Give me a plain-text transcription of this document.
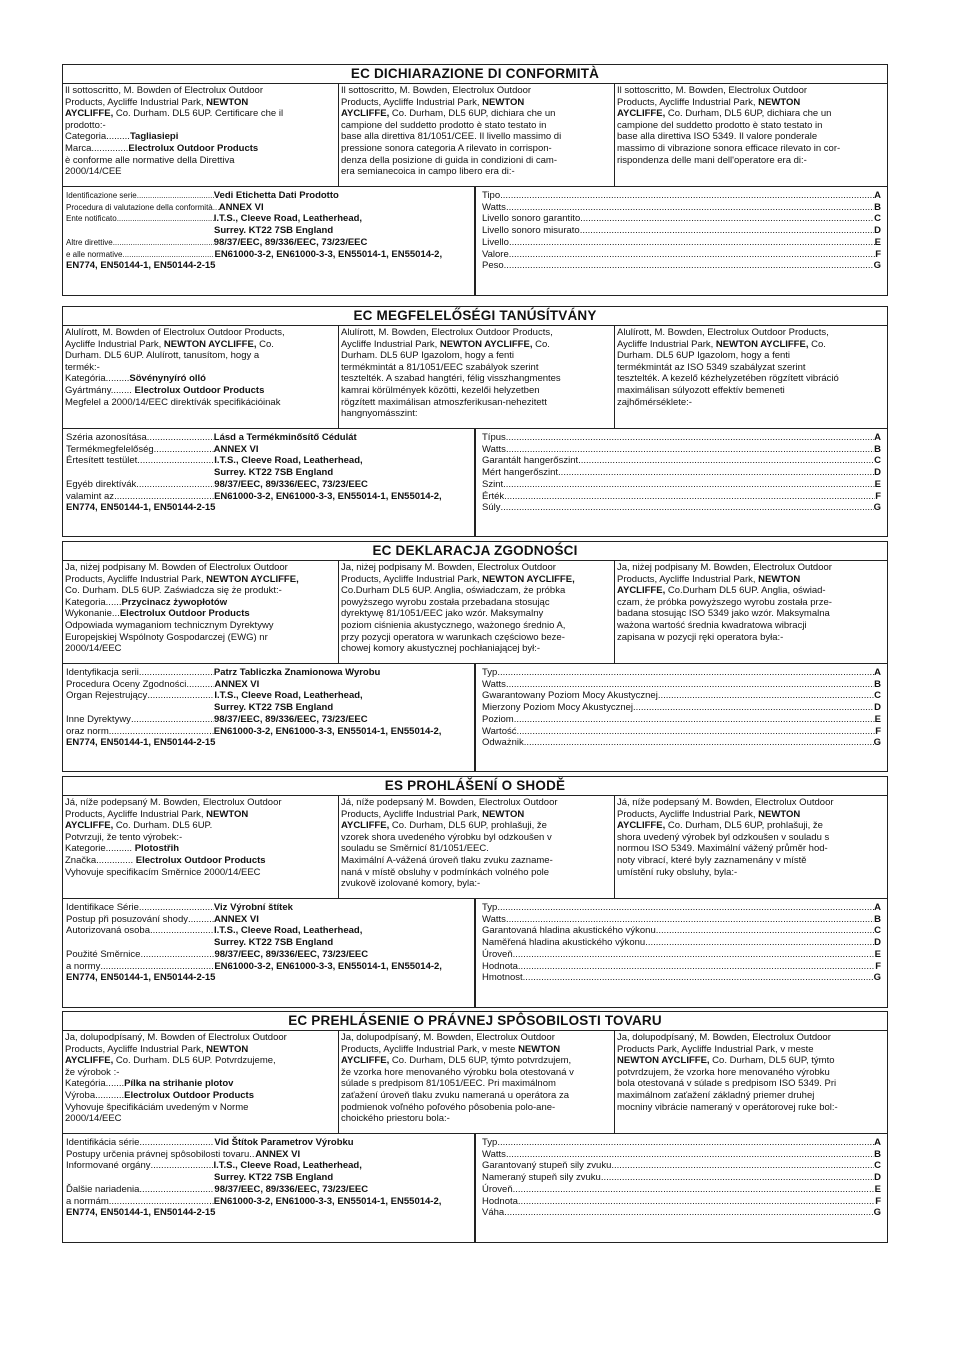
EC DICHIARAZIONE DI CONFORMITÀ

Il sottoscritto, M. Bowden of Electrolux Outdoor

Products, Aycliffe Industrial Park, NEWTON

AYCLIFFE, Co. Durham. DL5 6UP. Certificare che il

prodotto:-

Categoria.........Tagliasiepi

Marca..............Electrolux Outdoor Products

è conforme alle normative della Direttiva

2000/14/CEE

Il sottoscritto, M. Bowden, Electrolux Outdoor

Products, Aycliffe Industrial Park, NEWTON

AYCLIFFE, Co. Durham, DL5 6UP, dichiara che un

campione del suddetto prodotto è stato testato in

base alla direttiva 81/1051/CEE. Il livello massimo di

pressione sonora categoria A rilevato in corrispon-

denza della posizione di guida in condizioni di cam-

era semianecoica in campo libero era di:-

Il sottoscritto, M. Bowden, Electrolux Outdoor

Products, Aycliffe Industrial Park, NEWTON

AYCLIFFE, Co. Durham, DL5 6UP, dichiara che un

campione del suddetto prodotto è stato testato in

base alla direttiva ISO 5349. Il valore ponderale

massimo di vibrazione sonora efficace rilevato in cor-

rispondenza delle mani dell'operatore era di:-

Identificazione serie .....	Vedi Etichetta Dati Prodotto
Procedura di valutazione della conformità ..... ANNEX VI
Ente notificato .....	I.T.S., Cleeve Road, Leatherhead,
Surrey. KT22 7SB England
Altre direttive .....	98/37/EEC, 89/336/EEC, 73/23/EEC
e alle normative .....	EN61000-3-2, EN61000-3-3, EN55014-1, EN55014-2,
EN774, EN50144-1, EN50144-2-15
Tipo .....	A
Watts .....	B
Livello sonoro garantito .....	C
Livello sonoro misurato .....	D
Livello .....	E
Valore .....	F
Peso .....	G
EC MEGFELELŐSÉGI TANÚSÍTVÁNY

Alulírott, M. Bowden of Electrolux Outdoor Products,

Aycliffe Industrial Park, NEWTON AYCLIFFE, Co.

Durham. DL5 6UP. Alulírott, tanusítom, hogy a

termék:-

Kategória.........Sövénynyíró olló

Gyártmány........ Electrolux Outdoor Products

Megfelel a 2000/14/EEC direktívák specifikációinak

Alulírott, M. Bowden, Electrolux Outdoor Products,

Aycliffe Industrial Park, NEWTON AYCLIFFE, Co.

Durham. DL5 6UP Igazolom, hogy a fenti

termékmintát a 81/1051/EEC szabályok szerint

tesztelték. A szabad hangtéri, félig visszhangmentes

kamrai körülmények közötti, kezelői helyzetben

rögzített maximálisan atmoszferikusan-nehezitett

hangnyomásszint:

Alulírott, M. Bowden, Electrolux Outdoor Products,

Aycliffe Industrial Park, NEWTON AYCLIFFE, Co.

Durham. DL5 6UP Igazolom, hogy a fenti

termékmintát az ISO 5349 szabályzat szerint

tesztelték. A kezelő kézhelyzetében rögzített vibráció

maximálisan súlyozott effektív bemeneti

zajhőmérséklete:-

Széria azonosítása .....	Lásd a Termékminősítő Cédulát
Termékmegfelelőség .....	ANNEX VI
Értesített testület .....	I.T.S., Cleeve Road, Leatherhead,
Surrey. KT22 7SB England
Egyéb direktívák .....	98/37/EEC, 89/336/EEC, 73/23/EEC
valamint az .....	EN61000-3-2, EN61000-3-3, EN55014-1, EN55014-2,
EN774, EN50144-1, EN50144-2-15
Típus .....	A
Watts .....	B
Garantált hangerőszint .....	C
Mért hangerőszint .....	D
Szint .....	E
Érték .....	F
Súly .....	G
EC DEKLARACJA ZGODNOŚCI

Ja, niżej podpisany M. Bowden of Electrolux Outdoor

Products, Aycliffe Industrial Park, NEWTON AYCLIFFE,

Co. Durham. DL5 6UP. Zaświadcza się że produkt:-

Kategoria......Przycinacz żywopłotów

Wykonanie...Electrolux Outdoor Products

Odpowiada wymaganiom technicznym Dyrektywy

Europejskiej Wspólnoty Gospodarczej (EWG) nr

2000/14/EEC

Ja, niżej podpisany M. Bowden, Electrolux Outdoor

Products, Aycliffe Industrial Park, NEWTON AYCLIFFE,

Co.Durham DL5 6UP. Anglia, oświadczam, że próbka

powyższego wyrobu została przebadana stosując

dyrektywę 81/1051/EEC jako wzór. Maksymalny

poziom ciśnienia akustycznego, ważonego średnio A,

przy pozycji operatora w warunkach częściowo beze-

chowej komory akustycznej pochłaniającej był:-

Ja, niżej podpisany M. Bowden, Electrolux Outdoor

Products, Aycliffe Industrial Park, NEWTON

AYCLIFFE, Co.Durham DL5 6UP. Anglia, oświad-

czam, że próbka powyższego wyrobu została prze-

badana stosując ISO 5349 jako wzór. Maksymalna

ważona wartość średnia kwadratowa wibracji

zapisana w pozycji ręki operatora była:-

Identyfikacja serii .....	Patrz Tabliczka Znamionowa Wyrobu
Procedura Oceny Zgodności .....	ANNEX VI
Organ Rejestrujący .....	I.T.S., Cleeve Road, Leatherhead,
Surrey. KT22 7SB England
Inne Dyrektywy .....	98/37/EEC, 89/336/EEC, 73/23/EEC
oraz norm .....	EN61000-3-2, EN61000-3-3, EN55014-1, EN55014-2,
EN774, EN50144-1, EN50144-2-15
Typ .....	A
Watts .....	B
Gwarantowany Poziom Mocy Akustycznej .....	C
Mierzony Poziom Mocy Akustycznej .....	D
Poziom .....	E
Wartość .....	F
Odważnik .....	G
ES PROHLÁŠENÍ O SHODĚ

Já, níže podepsaný M. Bowden, Electrolux Outdoor

Products, Aycliffe Industrial Park, NEWTON

AYCLIFFE, Co. Durham. DL5 6UP.

Potvrzuji, že tento výrobek:-

Kategorie.......... Plotostřih

Značka.............. Electrolux Outdoor Products

Vyhovuje specifikacím Směrnice 2000/14/EEC

Já, níže podepsaný M. Bowden, Electrolux Outdoor

Products, Aycliffe Industrial Park, NEWTON

AYCLIFFE, Co. Durham, DL5 6UP, prohlašuji, že

vzorek shora uvedeného výrobku byl odzkoušen v

souladu se Směrnicí 81/1051/EEC.

Maximální A-vážená úroveň tlaku zvuku zazname-

naná v místě obsluhy v podmínkách volného pole

zvukově izolované komory, byla:-

Já, níže podepsaný M. Bowden, Electrolux Outdoor

Products, Aycliffe Industrial Park, NEWTON

AYCLIFFE, Co. Durham, DL5 6UP, prohlašuji, že

shora uvedený výrobek byl odzkoušen v souladu s

normou ISO 5349. Maximální vážený průměr hod-

noty vibrací, které byly zaznamenány v místě

umístění ruky obsluhy, byla:-

Identifikace Série .....	Viz Výrobní štítek
Postup při posuzování shody .....	ANNEX VI
Autorizovaná osoba .....	I.T.S., Cleeve Road, Leatherhead,
Surrey. KT22 7SB England
Použité Směrnice .....	98/37/EEC, 89/336/EEC, 73/23/EEC
a normy .....	EN61000-3-2, EN61000-3-3, EN55014-1, EN55014-2,
EN774, EN50144-1, EN50144-2-15
Typ .....	A
Watts .....	B
Garantovaná hladina akustického výkonu .....	C
Naměřená hladina akustického výkonu .....	D
Úroveň .....	E
Hodnota .....	F
Hmotnost .....	G
EC PREHLÁSENIE O PRÁVNEJ SPÔSOBILOSTI TOVARU

Ja, dolupodpísaný, M. Bowden of Electrolux Outdoor

Products, Aycliffe Industrial Park, NEWTON

AYCLIFFE, Co. Durham. DL5 6UP. Potvrdzujeme,

že výrobok :-

Kategória.......Pílka na strihanie plotov

Výroba...........Electrolux Outdoor Products

Vyhovuje špecifikáciám uvedeným v Norme

2000/14/EEC

Ja, dolupodpísaný, M. Bowden, Electrolux Outdoor

Products, Aycliffe Industrial Park, v meste NEWTON

AYCLIFFE, Co. Durham, DL5 6UP, týmto potvrdzujem,

že vzorka hore menovaného výrobku bola otestovaná v

súlade s predpisom 81/1051/EEC. Pri maximálnom

zaťažení úroveň tlaku zvuku nameraná u operátora za

podmienok voľného poľového pôsobenia polo-ane-

choického priestoru bola:-

Ja, dolupodpísaný, M. Bowden, Electrolux Outdoor

Products Park, Aycliffe Industrial Park, v meste

NEWTON AYCLIFFE, Co. Durham, DL5 6UP, týmto

potvrdzujem, že vzorka hore menovaného výrobku

bola otestovaná v súlade s predpisom ISO 5349. Pri

maximálnom zaťažení základný priemer druhej

mocniny vibrácie nameraný v operátorovej ruke bol:-

Identifikácia série .....	Vid Štítok Parametrov Výrobku
Postupy určenia právnej spôsobilosti tovaru ..... ANNEX VI
Informované orgány .....	I.T.S., Cleeve Road, Leatherhead,
Surrey. KT22 7SB England
Ďalšie nariadenia .....	98/37/EEC, 89/336/EEC, 73/23/EEC
a normám .....	EN61000-3-2, EN61000-3-3, EN55014-1, EN55014-2,
EN774, EN50144-1, EN50144-2-15
Typ .....	A
Watts .....	B
Garantovaný stupeň sily zvuku .....	C
Nameraný stupeň sily zvuku .....	D
Úroveň .....	E
Hodnota .....	F
Váha .....	G
